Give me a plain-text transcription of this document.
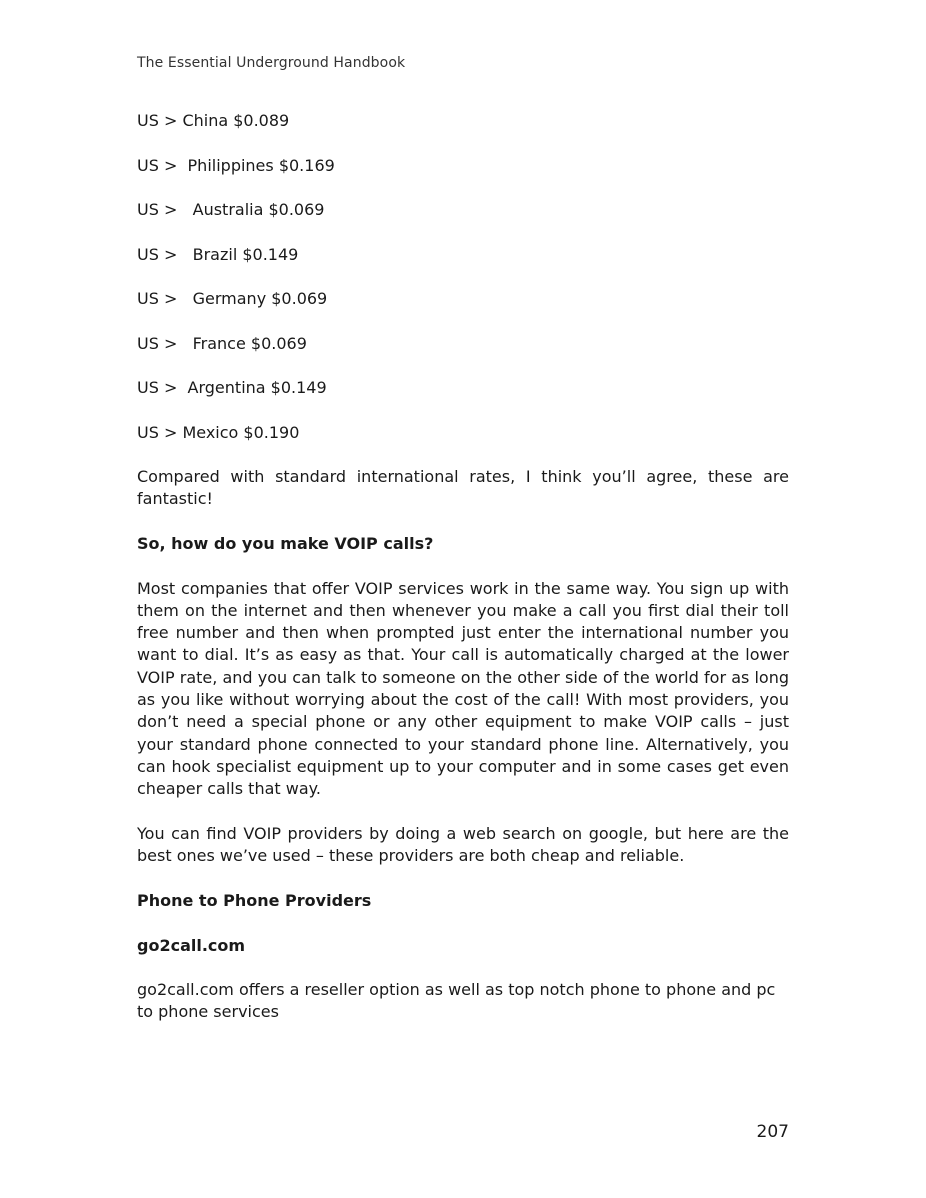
The Essential Underground Handbook
US > China $0.089
US >  Philippines $0.169
US >   Australia $0.069
US >   Brazil $0.149
US >   Germany $0.069
US >   France $0.069
US >  Argentina $0.149
US > Mexico $0.190

Compared with standard international rates, I think you’ll agree, these are fantastic!

So, how do you make VOIP calls?

Most companies that offer VOIP services work in the same way. You sign up with them on the internet and then whenever you make a call you first dial their toll free number and then when prompted just enter the international number you want to dial. It’s as easy as that. Your call is automatically charged at the lower VOIP rate, and you can talk to someone on the other side of the world for as long as you like without worrying about the cost of the call! With most providers, you don’t need a special phone or any other equipment to make VOIP calls – just your standard phone connected to your standard phone line. Alternatively, you can hook specialist equipment up to your computer and in some cases get even cheaper calls that way.

You can find VOIP providers by doing a web search on google, but here are the best ones we’ve used – these providers are both cheap and reliable.

Phone to Phone Providers
go2call.com

go2call.com offers a reseller option as well as top notch phone to phone and pc to phone services

207
